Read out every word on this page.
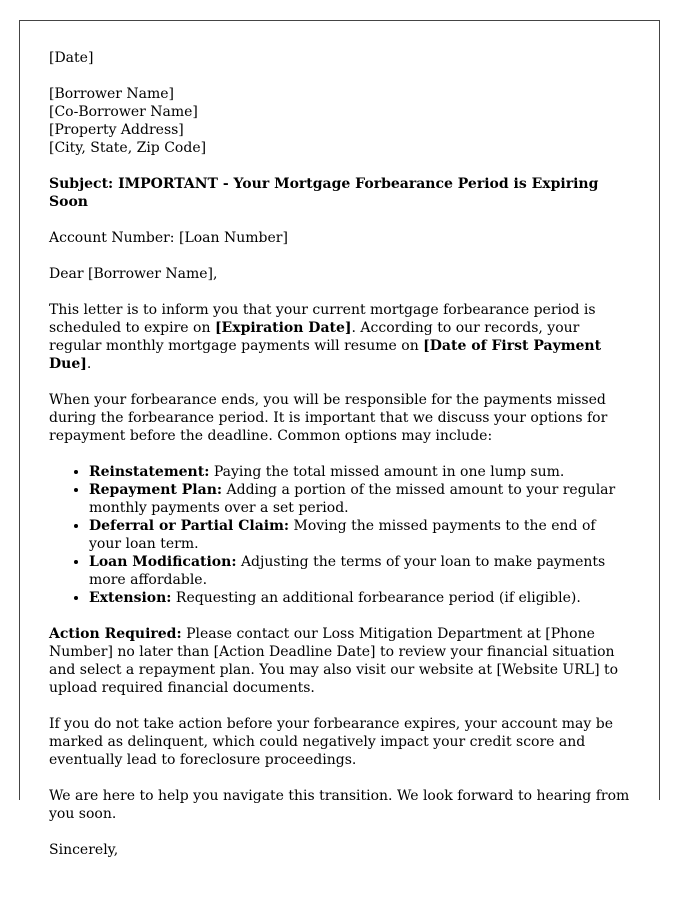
[Date]

[Borrower Name]
[Co-Borrower Name]
[Property Address]
[City, State, Zip Code]

Subject: IMPORTANT - Your Mortgage Forbearance Period is Expiring Soon

Account Number: [Loan Number]

Dear [Borrower Name],

This letter is to inform you that your current mortgage forbearance period is scheduled to expire on [Expiration Date]. According to our records, your regular monthly mortgage payments will resume on [Date of First Payment Due].

When your forbearance ends, you will be responsible for the payments missed during the forbearance period. It is important that we discuss your options for repayment before the deadline. Common options may include:

• Reinstatement: Paying the total missed amount in one lump sum.
• Repayment Plan: Adding a portion of the missed amount to your regular monthly payments over a set period.
• Deferral or Partial Claim: Moving the missed payments to the end of your loan term.
• Loan Modification: Adjusting the terms of your loan to make payments more affordable.
• Extension: Requesting an additional forbearance period (if eligible).

Action Required: Please contact our Loss Mitigation Department at [Phone Number] no later than [Action Deadline Date] to review your financial situation and select a repayment plan. You may also visit our website at [Website URL] to upload required financial documents.

If you do not take action before your forbearance expires, your account may be marked as delinquent, which could negatively impact your credit score and eventually lead to foreclosure proceedings.

We are here to help you navigate this transition. We look forward to hearing from you soon.

Sincerely,
